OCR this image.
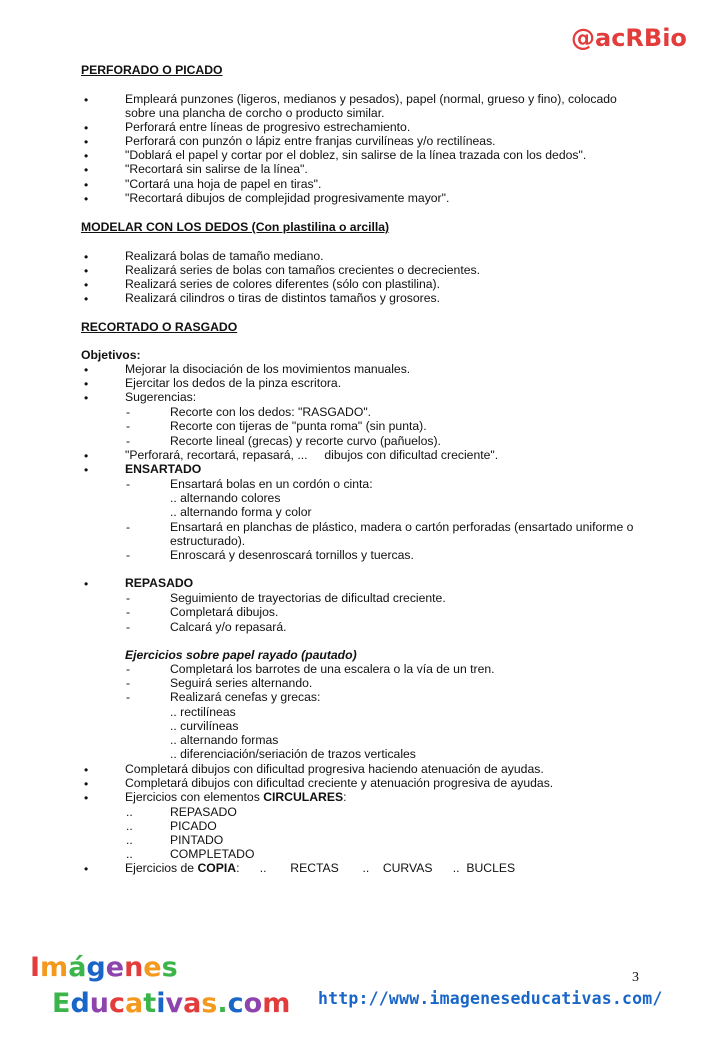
@acRBio
PERFORADO O PICADO
•	Empleará punzones (ligeros, medianos y pesados), papel (normal, grueso y fino), colocado
sobre una plancha de corcho o producto similar.
•	Perforará entre líneas de progresivo estrechamiento.
•	Perforará con punzón o lápiz entre franjas curvilíneas y/o rectilíneas.
•	"Doblará el papel y cortar por el doblez, sin salirse de la línea trazada con los dedos".
•	"Recortará sin salirse de la línea".
•	"Cortará una hoja de papel en tiras".
•	"Recortará dibujos de complejidad progresivamente mayor".
MODELAR CON LOS DEDOS (Con plastilina o arcilla)
•	Realizará bolas de tamaño mediano.
•	Realizará series de bolas con tamaños crecientes o decrecientes.
•	Realizará series de colores diferentes (sólo con plastilina).
•	Realizará cilindros o tiras de distintos tamaños y grosores.
RECORTADO O RASGADO
Objetivos:
•	Mejorar la disociación de los movimientos manuales.
•	Ejercitar los dedos de la pinza escritora.
•	Sugerencias:
-	Recorte con los dedos: "RASGADO".
-	Recorte con tijeras de "punta roma" (sin punta).
-	Recorte lineal (grecas) y recorte curvo (pañuelos).
•	"Perforará, recortará, repasará, ...     dibujos con dificultad creciente".
•	ENSARTADO
-	Ensartará bolas en un cordón o cinta:
.. alternando colores
.. alternando forma y color
-	Ensartará en planchas de plástico, madera o cartón perforadas (ensartado uniforme o
estructurado).
-	Enroscará y desenroscará tornillos y tuercas.
•	REPASADO
-	Seguimiento de trayectorias de dificultad creciente.
-	Completará dibujos.
-	Calcará y/o repasará.
Ejercicios sobre papel rayado (pautado)
-	Completará los barrotes de una escalera o la vía de un tren.
-	Seguirá series alternando.
-	Realizará cenefas y grecas:
.. rectilíneas
.. curvilíneas
.. alternando formas
.. diferenciación/seriación de trazos verticales
•	Completará dibujos con dificultad progresiva haciendo atenuación de ayudas.
•	Completará dibujos con dificultad creciente y atenuación progresiva de ayudas.
•	Ejercicios con elementos CIRCULARES:
..	REPASADO
..	PICADO
..	PINTADO
..	COMPLETADO
•	Ejercicios de COPIA:      ..       RECTAS       ..    CURVAS      ..  BUCLES
Imágenes
Educativas.com
3
http://www.imageneseducativas.com/
